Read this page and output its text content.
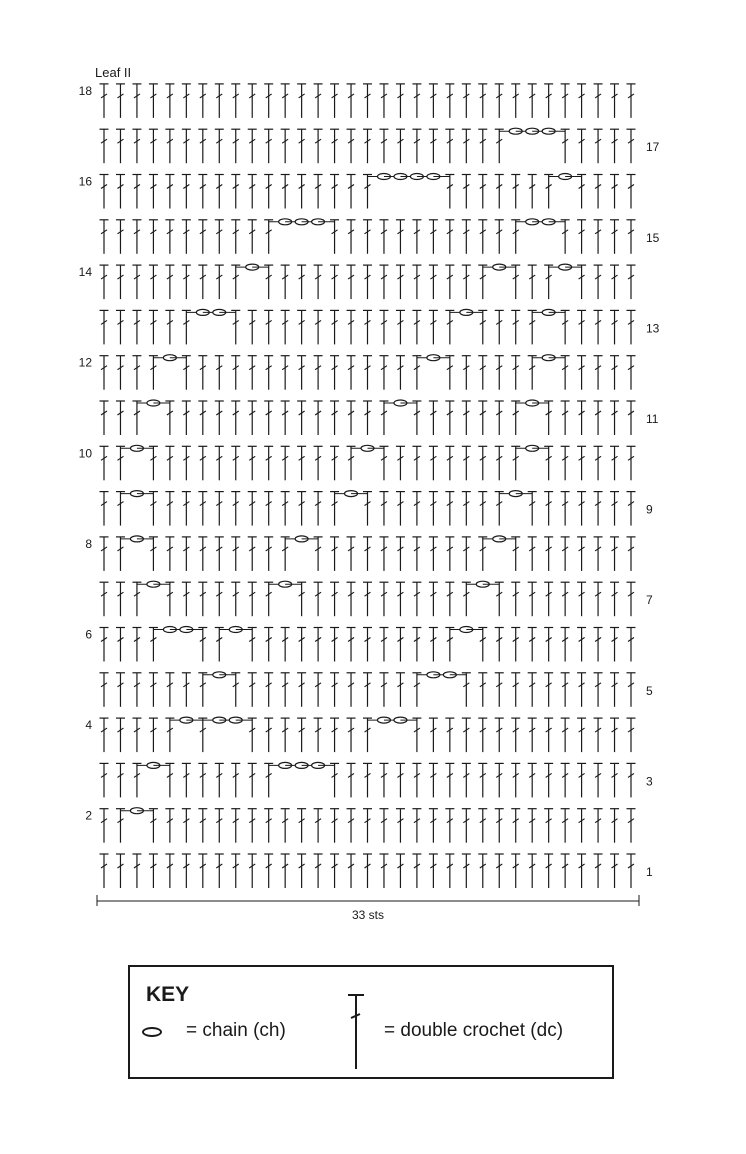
Leaf II
1
2
3
4
5
6
7
8
9
10
11
12
13
14
15
16
17
18
33 sts
KEY
= chain (ch)	= double crochet (dc)
